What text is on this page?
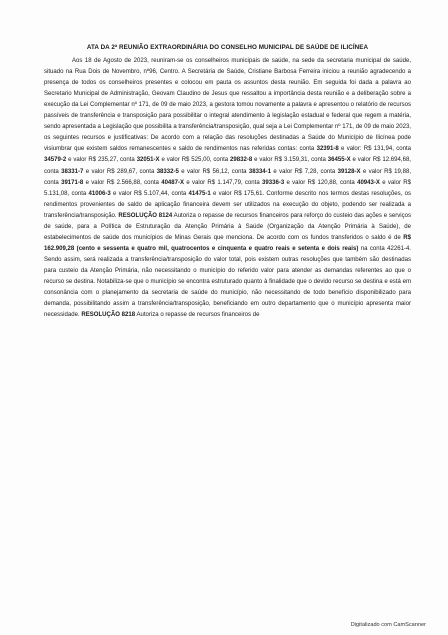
ATA DA 2ª REUNIÃO EXTRAORDINÁRIA DO CONSELHO MUNICIPAL DE SAÚDE DE ILICÍNEA

Aos 18 de Agosto de 2023, reuniram-se os conselheiros municipais de saúde, na sede da secretaria municipal de saúde, situado na Rua Dois de Novembro, nº96, Centro. A Secretária de Saúde, Cristiane Barbosa Ferreira iniciou a reunião agradecendo a presença de todos os conselheiros presentes e colocou em pauta os assuntos desta reunião. Em seguida foi dada a palavra ao Secretario Municipal de Administração, Geovam Claudino de Jesus que ressaltou a importância desta reunião e a deliberação sobre a execução da Lei Complementar nº 171, de 09 de maio 2023, a gestora tomou novamente a palavra e apresentou o relatório de recursos passíveis de transferência e transposição para possibilitar o integral atendimento à legislação estadual e federal que regem a matéria, sendo apresentada a Legislação que possibilita a transferência/transposição, qual seja a Lei Complementar nº 171, de 09 de maio 2023, os seguintes recursos e justificativas: De acordo com a relação das resoluções destinadas a Saúde do Município de Ilicínea pode visiumbrar que existem saldos remanescentes e saldo de rendimentos nas referidas contas: conta 32391-8 e valor: R$ 131,94, conta 34579-2 e valor R$ 235,27, conta 32051-X e valor R$ 525,00, conta 29832-8 e valor R$ 3.159,31, conta 36455-X e valor R$ 12.694,68, conta 38331-7 e valor R$ 289,67, conta 38332-5 e valor R$ 56,12, conta 38334-1 e valor R$ 7,28, conta 39128-X e valor R$ 19,88, conta 39171-8 e valor R$ 2.566,88, conta 40487-X e valor R$ 1.147,79, conta 39336-3 e valor R$ 120,88, conta 40943-X e valor R$ 5.131,08, conta 41006-3 e valor R$ 5.107,44, conta 41475-1 e valor R$ 175,61. Conforme descrito nos termos destas resoluções, os rendimentos provenientes de saldo de aplicação financeira devem ser utilizados na execução do objeto, podendo ser realizada a transferência/transposição. RESOLUÇÃO 8124 Autoriza o repasse de recursos financeiros para reforço do custeio das ações e serviços de saúde, para a Política de Estruturação da Atenção Primária à Saúde (Organização da Atenção Primária à Saúde), de estabelecimentos de saúde dos municípios de Minas Gerais que menciona. De acordo com os fundos transferidos o saldo é de R$ 162.909,28 (cento e sessenta e quatro mil, quatrocentos e cinquenta e quatro reais e setenta e dois reais) na conta 42261-4. Sendo assim, será realizada a transferência/transposição do valor total, pois existem outras resoluções que também são destinadas para custeio da Atenção Primária, não necessitando o município do referido valor para atender as demandas referentes ao que o recurso se destina. Notabiliza-se que o município se encontra estruturado quanto à finalidade que o devido recurso se destina e está em consonância com o planejamento da secretaria de saúde do município, não necessitando de todo benefício disponibilizado para demanda, possibilitando assim a transferência/transposição, beneficiando em outro departamento que o município apresenta maior necessidade. RESOLUÇÃO 8218 Autoriza o repasse de recursos financeiros de

Digitalizado com CamScanner
